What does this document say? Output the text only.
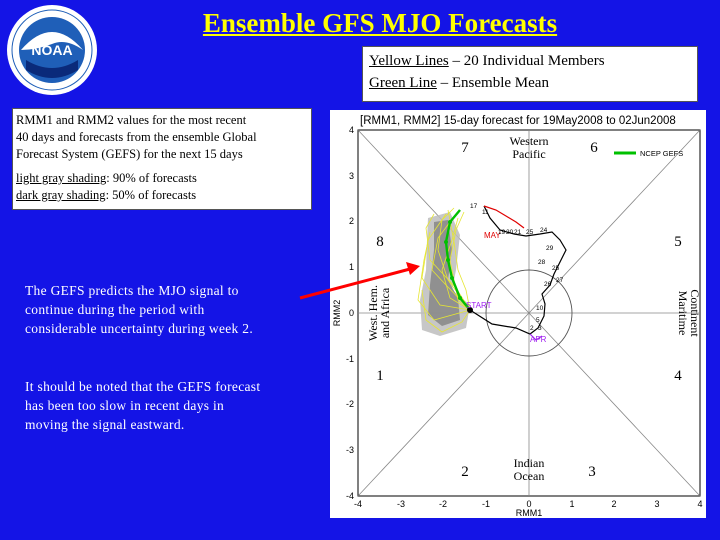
Ensemble GFS MJO Forecasts
NOAA
Yellow Lines – 20 Individual Members
Green Line – Ensemble Mean
RMM1 and RMM2 values for the most recent
40 days and forecasts from the ensemble Global
Forecast System (GEFS) for the next 15 days
light gray shading: 90% of forecasts
dark gray shading: 50% of forecasts
The GEFS predicts the MJO signal to
continue during the period with
considerable uncertainty during week 2.
It should be noted that the GEFS forecast
has been too slow in recent days in
moving the signal eastward.
[RMM1, RMM2] 15-day forecast for 19May2008 to 02Jun2008
NCEP GEFS
Western
Pacific
Indian
Ocean
West. Hem.
and Africa	Maritime
Continent
1
2	3
4
5
6
7
8
START
MAY
APR
17
11
24
25
21
20
19
29
28
25
27
26
10
5
3
2
-4	-3	-2	-1	0	1	2	3	4
4
3
2
1
0
-1
-2
-3
-4
RMM1
RMM2
